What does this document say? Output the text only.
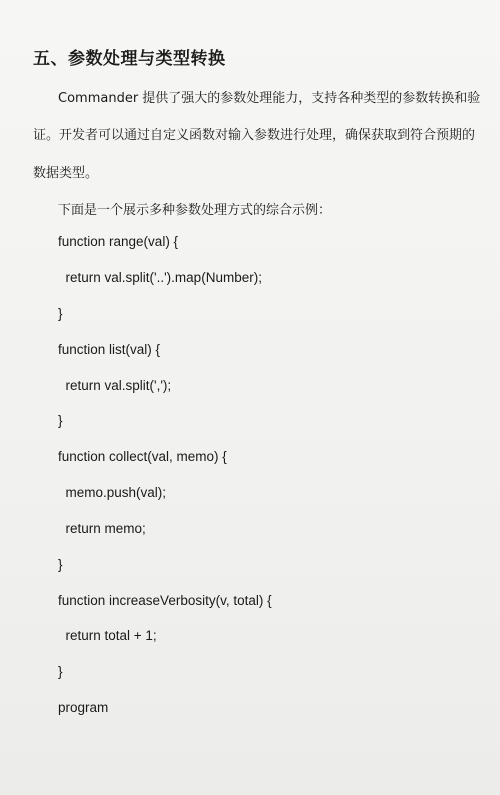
五、参数处理与类型转换
Commander 提供了强大的参数处理能力，支持各种类型的参数转换和验
证。开发者可以通过自定义函数对输入参数进行处理，确保获取到符合预期的
数据类型。
下面是一个展示多种参数处理方式的综合示例：
function range(val) {
return val.split('..').map(Number);
}
function list(val) {
return val.split(',');
}
function collect(val, memo) {
memo.push(val);
return memo;
}
function increaseVerbosity(v, total) {
return total + 1;
}
program
